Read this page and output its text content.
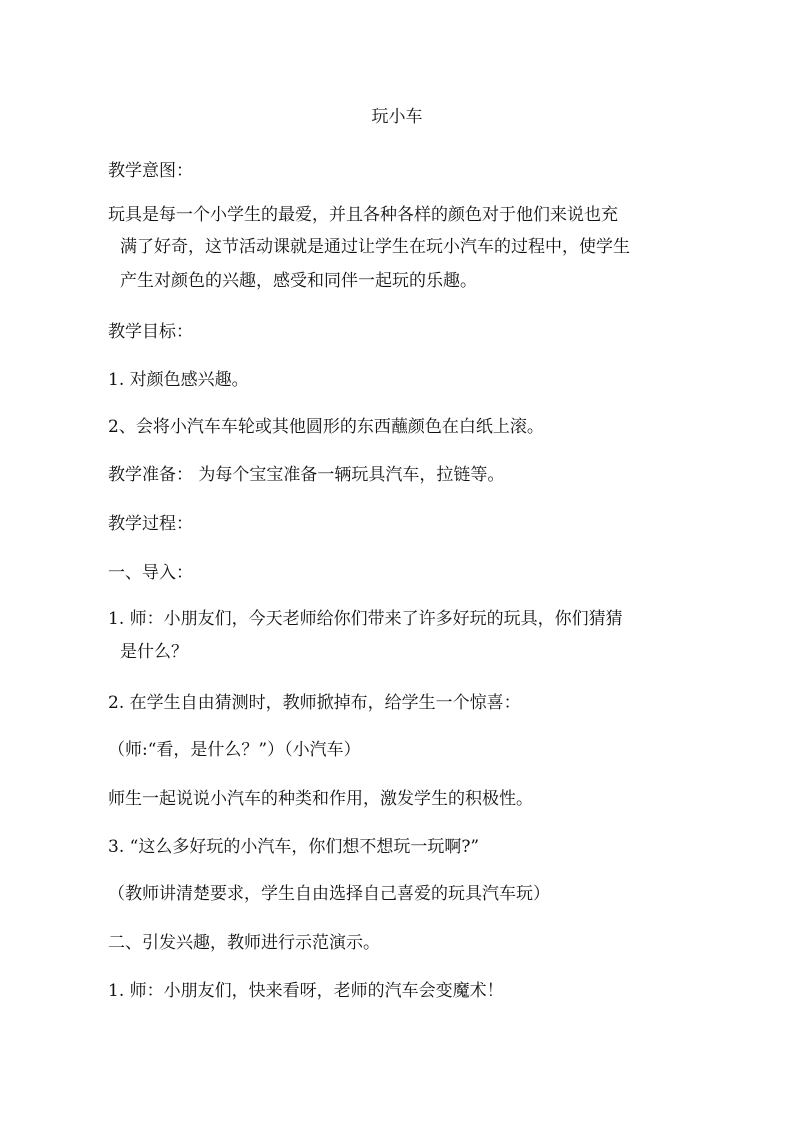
玩小车
教学意图：
玩具是每一个小学生的最爱，并且各种各样的颜色对于他们来说也充
满了好奇，这节活动课就是通过让学生在玩小汽车的过程中，使学生
产生对颜色的兴趣，感受和同伴一起玩的乐趣。
教学目标：
1. 对颜色感兴趣。
2、会将小汽车车轮或其他圆形的东西蘸颜色在白纸上滚。
教学准备： 为每个宝宝准备一辆玩具汽车，拉链等。
教学过程：
一、导入：
1. 师：小朋友们，今天老师给你们带来了许多好玩的玩具，你们猜猜
是什么？
2. 在学生自由猜测时，教师掀掉布，给学生一个惊喜：
（师:“看，是什么？”）（小汽车）
师生一起说说小汽车的种类和作用，激发学生的积极性。
3. “这么多好玩的小汽车，你们想不想玩一玩啊?”
（教师讲清楚要求，学生自由选择自己喜爱的玩具汽车玩）
二、引发兴趣，教师进行示范演示。
1. 师：小朋友们，快来看呀，老师的汽车会变魔术！
